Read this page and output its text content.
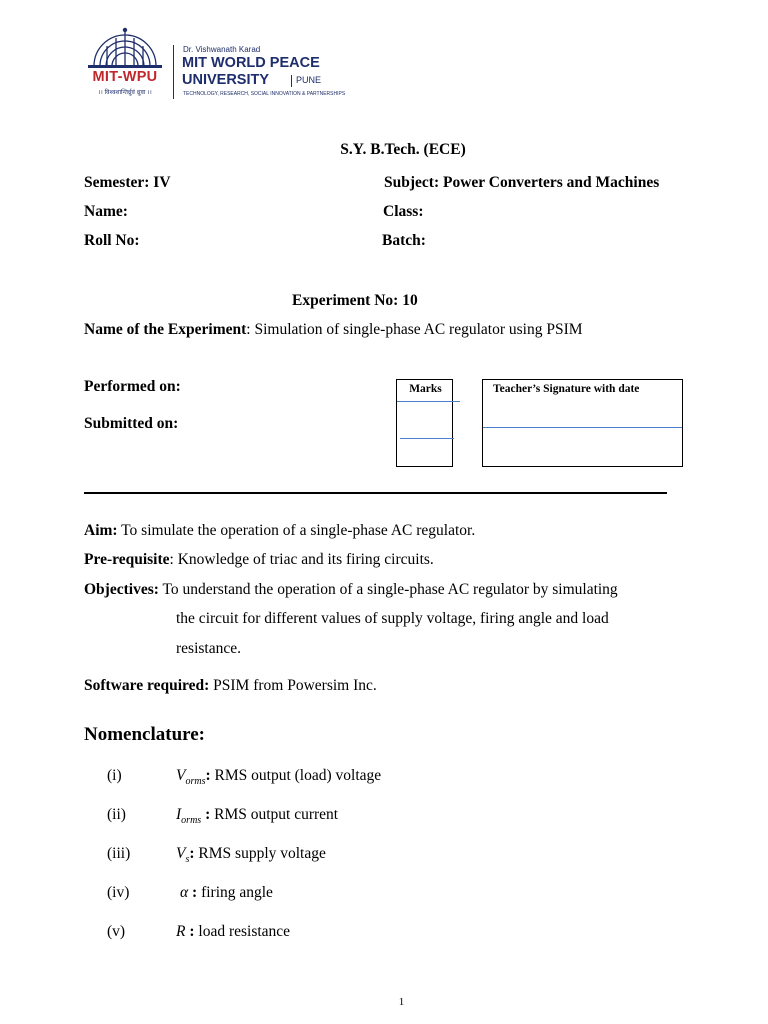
MIT-WPU
।। विश्वशान्तिर्ध्रुवं ध्रुवा ।।
Dr. Vishwanath Karad
MIT WORLD PEACE
UNIVERSITY	PUNE
TECHNOLOGY, RESEARCH, SOCIAL INNOVATION & PARTNERSHIPS
S.Y. B.Tech. (ECE)
Semester: IV	Subject: Power Converters and Machines
Name:	Class:
Roll No:	Batch:
Experiment No: 10
Name of the Experiment: Simulation of single-phase AC regulator using PSIM
Performed on:
Submitted on:
Marks	Teacher’s Signature with date
Aim: To simulate the operation of a single-phase AC regulator.
Pre-requisite: Knowledge of triac and its firing circuits.
Objectives: To understand the operation of a single-phase AC regulator by simulating
the circuit for different values of supply voltage, firing angle and load
resistance.
Software required: PSIM from Powersim Inc.
Nomenclature:
(i)	$V_{orms}$: RMS output (load) voltage
(ii)	$I_{orms}$ : RMS output current
(iii)	$V_s$: RMS supply voltage
(iv)	α : firing angle
(v)	R : load resistance
1
